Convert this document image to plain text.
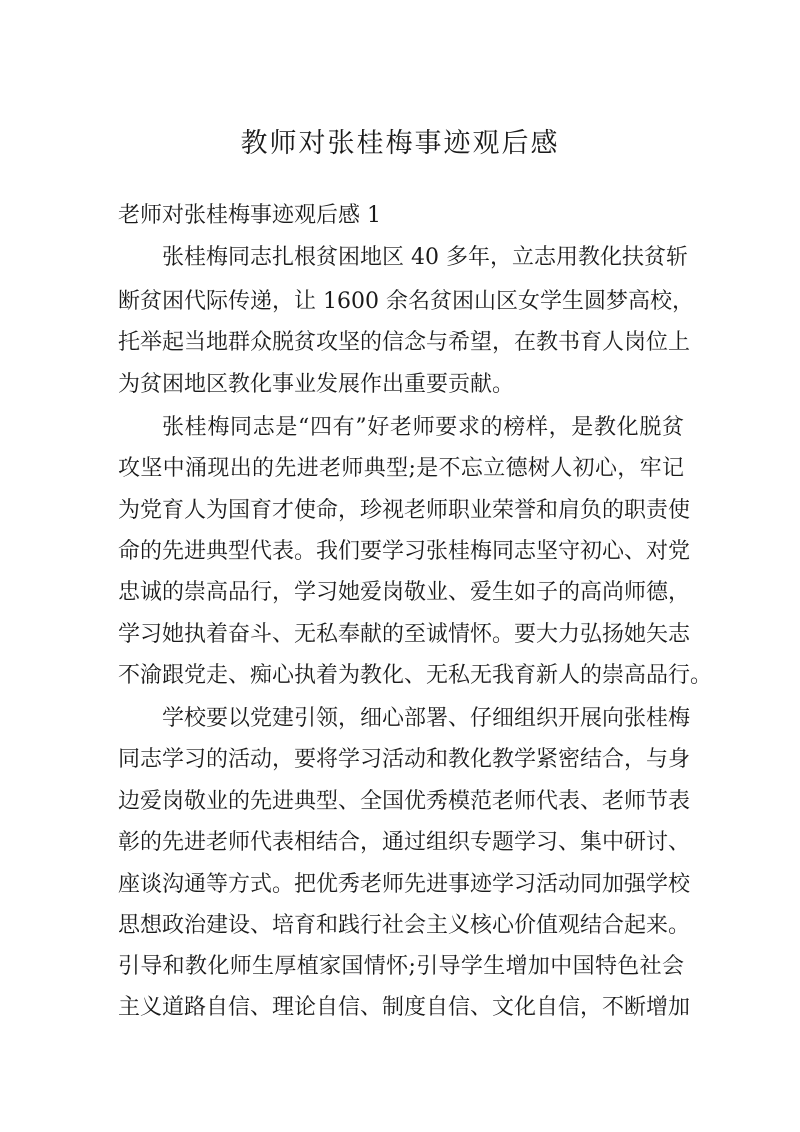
教师对张桂梅事迹观后感
老师对张桂梅事迹观后感 1
张桂梅同志扎根贫困地区 40 多年，立志用教化扶贫斩
断贫困代际传递，让 1600 余名贫困山区女学生圆梦高校，
托举起当地群众脱贫攻坚的信念与希望，在教书育人岗位上
为贫困地区教化事业发展作出重要贡献。
张桂梅同志是“四有”好老师要求的榜样，是教化脱贫
攻坚中涌现出的先进老师典型;是不忘立德树人初心，牢记
为党育人为国育才使命，珍视老师职业荣誉和肩负的职责使
命的先进典型代表。我们要学习张桂梅同志坚守初心、对党
忠诚的崇高品行，学习她爱岗敬业、爱生如子的高尚师德，
学习她执着奋斗、无私奉献的至诚情怀。要大力弘扬她矢志
不渝跟党走、痴心执着为教化、无私无我育新人的崇高品行。
学校要以党建引领，细心部署、仔细组织开展向张桂梅
同志学习的活动，要将学习活动和教化教学紧密结合，与身
边爱岗敬业的先进典型、全国优秀模范老师代表、老师节表
彰的先进老师代表相结合，通过组织专题学习、集中研讨、
座谈沟通等方式。把优秀老师先进事迹学习活动同加强学校
思想政治建设、培育和践行社会主义核心价值观结合起来。
引导和教化师生厚植家国情怀;引导学生增加中国特色社会
主义道路自信、理论自信、制度自信、文化自信，不断增加
